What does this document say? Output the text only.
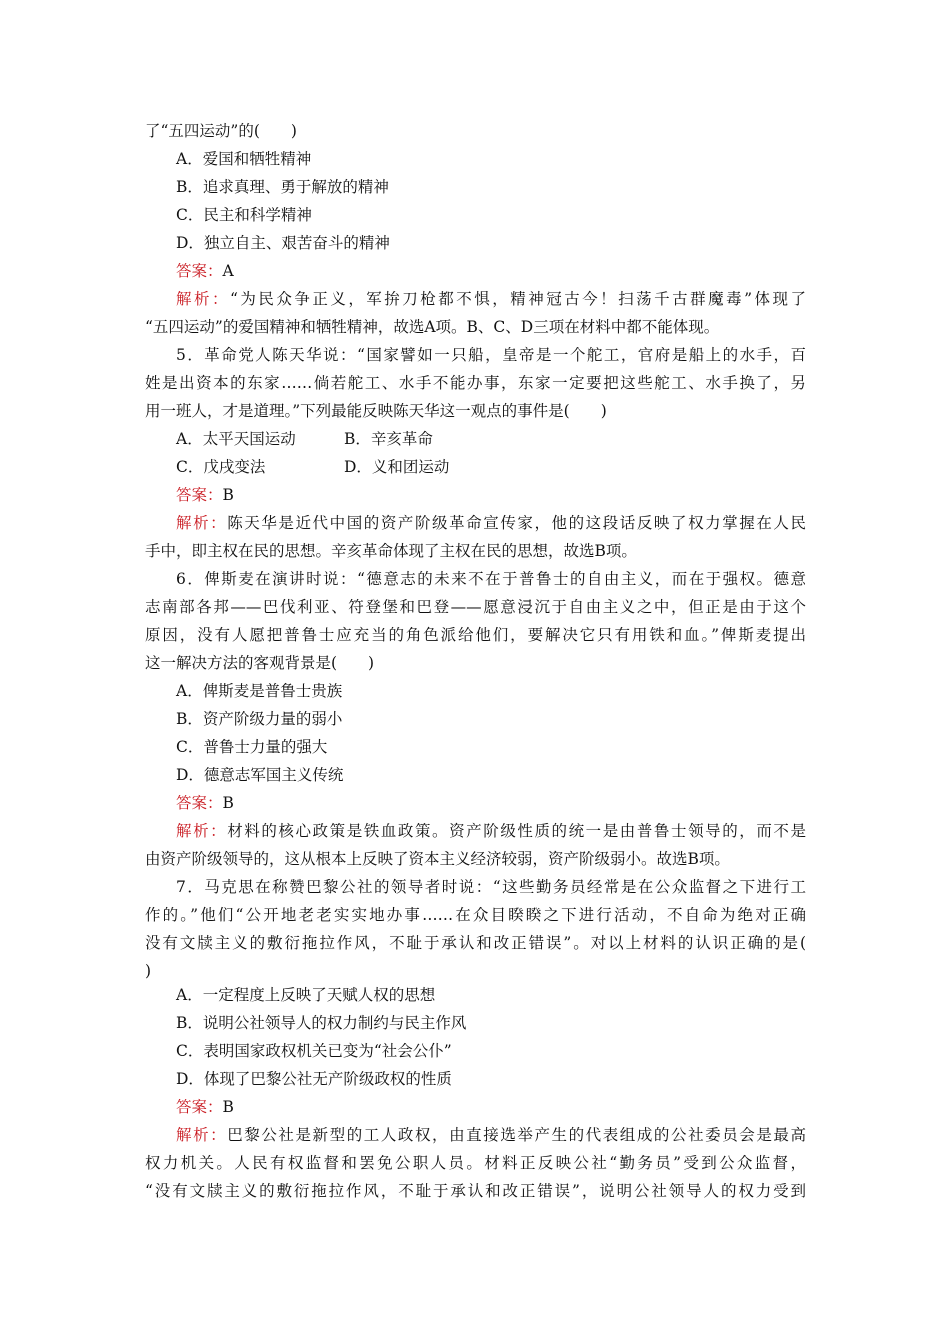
了“五四运动”的(　　)

A．爱国和牺牲精神

B．追求真理、勇于解放的精神

C．民主和科学精神

D．独立自主、艰苦奋斗的精神

答案：A

解析：“为民众争正义，军拚刀枪都不惧，精神冠古今！扫荡千古群魔毒”体现了

“五四运动”的爱国精神和牺牲精神，故选A项。B、C、D三项在材料中都不能体现。

5．革命党人陈天华说：“国家譬如一只船，皇帝是一个舵工，官府是船上的水手，百

姓是出资本的东家……倘若舵工、水手不能办事，东家一定要把这些舵工、水手换了，另

用一班人，才是道理。”下列最能反映陈天华这一观点的事件是(　　)

A．太平天国运动	B．辛亥革命

C．戊戌变法	D．义和团运动

答案：B

解析：陈天华是近代中国的资产阶级革命宣传家，他的这段话反映了权力掌握在人民

手中，即主权在民的思想。辛亥革命体现了主权在民的思想，故选B项。

6．俾斯麦在演讲时说：“德意志的未来不在于普鲁士的自由主义，而在于强权。德意

志南部各邦——巴伐利亚、符登堡和巴登——愿意浸沉于自由主义之中，但正是由于这个

原因，没有人愿把普鲁士应充当的角色派给他们，要解决它只有用铁和血。”俾斯麦提出

这一解决方法的客观背景是(　　)

A．俾斯麦是普鲁士贵族

B．资产阶级力量的弱小

C．普鲁士力量的强大

D．德意志军国主义传统

答案：B

解析：材料的核心政策是铁血政策。资产阶级性质的统一是由普鲁士领导的，而不是

由资产阶级领导的，这从根本上反映了资本主义经济较弱，资产阶级弱小。故选B项。

7．马克思在称赞巴黎公社的领导者时说：“这些勤务员经常是在公众监督之下进行工

作的。”他们“公开地老老实实地办事……在众目睽睽之下进行活动，不自命为绝对正确

没有文牍主义的敷衍拖拉作风，不耻于承认和改正错误”。对以上材料的认识正确的是(

)

A．一定程度上反映了天赋人权的思想

B．说明公社领导人的权力制约与民主作风

C．表明国家政权机关已变为“社会公仆”

D．体现了巴黎公社无产阶级政权的性质

答案：B

解析：巴黎公社是新型的工人政权，由直接选举产生的代表组成的公社委员会是最高

权力机关。人民有权监督和罢免公职人员。材料正反映公社“勤务员”受到公众监督，

“没有文牍主义的敷衍拖拉作风，不耻于承认和改正错误”，说明公社领导人的权力受到
